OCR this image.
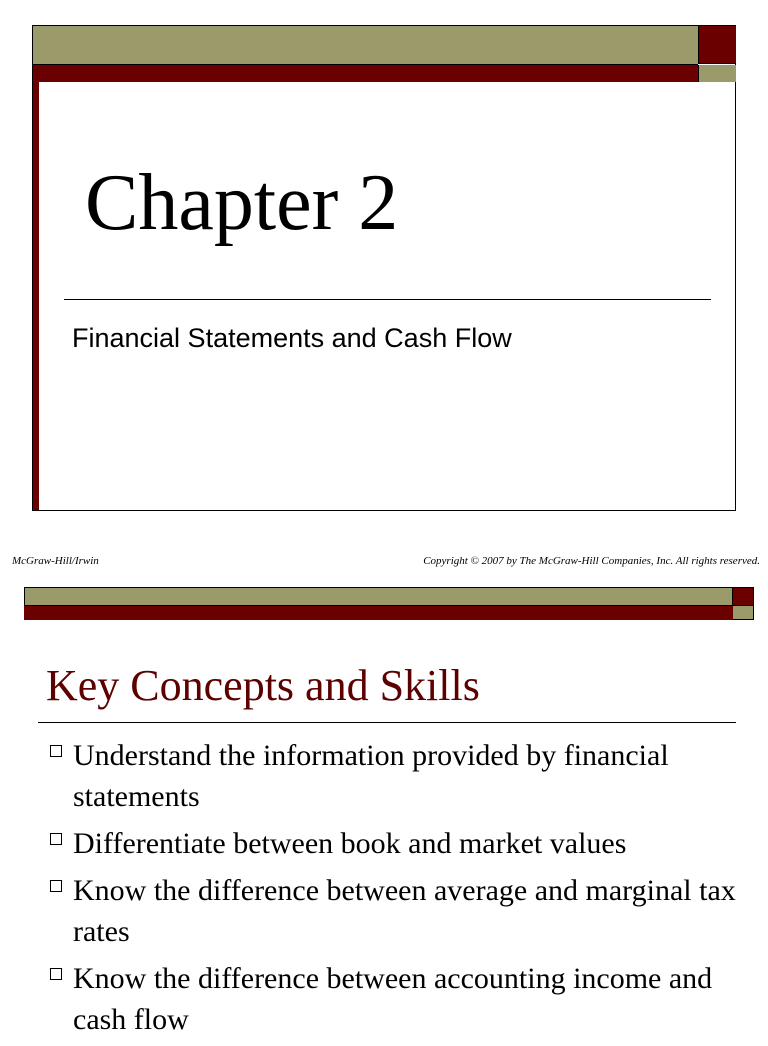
Chapter 2
Financial Statements and Cash Flow
McGraw-Hill/Irwin	Copyright © 2007 by The McGraw-Hill Companies, Inc. All rights reserved.
Key Concepts and Skills
Understand the information provided by financial statements
Differentiate between book and market values
Know the difference between average and marginal tax rates
Know the difference between accounting income and cash flow
